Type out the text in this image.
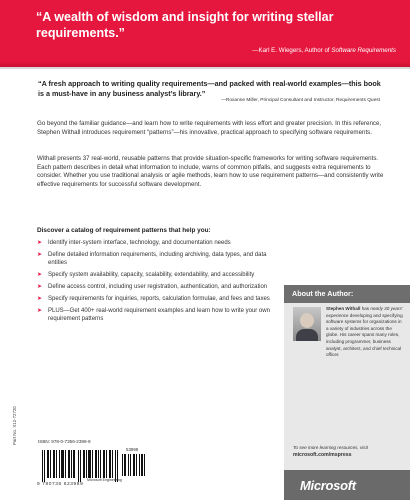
“A wealth of wisdom and insight for writing stellar requirements.”
—Karl E. Wiegers, Author of Software Requirements
“A fresh approach to writing quality requirements—and packed with real-world examples—this book is a must-have in any business analyst’s library.”
—Roxanne Miller, Principal Consultant and Instructor, Requirements Quest
Go beyond the familiar guidance—and learn how to write requirements with less effort and greater precision. In this reference, Stephen Withall introduces requirement “patterns”—his innovative, practical approach to specifying software requirements.
Withall presents 37 real-world, reusable patterns that provide situation-specific frameworks for writing software requirements. Each pattern describes in detail what information to include, warns of common pitfalls, and suggests extra requirements to consider. Whether you use traditional analysis or agile methods, learn how to use requirement patterns—and consistently write effective requirements for successful software development.
Discover a catalog of requirement patterns that help you:
➤ Identify inter-system interface, technology, and documentation needs
➤ Define detailed information requirements, including archiving, data types, and data entities
➤ Specify system availability, capacity, scalability, extendability, and accessibility
➤ Define access control, including user registration, authentication, and authorization
➤ Specify requirements for inquiries, reports, calculation formulae, and fees and taxes
➤ PLUS—Get 400+ real-world requirement examples and learn how to write your own requirement patterns
About the Author:
Stephen Withall has nearly 30 years' experience developing and specifying software systems for organizations in a variety of industries across the globe. His career spans many roles, including programmer, business analyst, architect, and chief technical officer.
To see more learning resources, visit
microsoft.com/mspress
Microsoft
Part No. X12-72720	ISBN: 978-0-7356-2398-9
9 780735 623989
53999
Microsoft Engineering
